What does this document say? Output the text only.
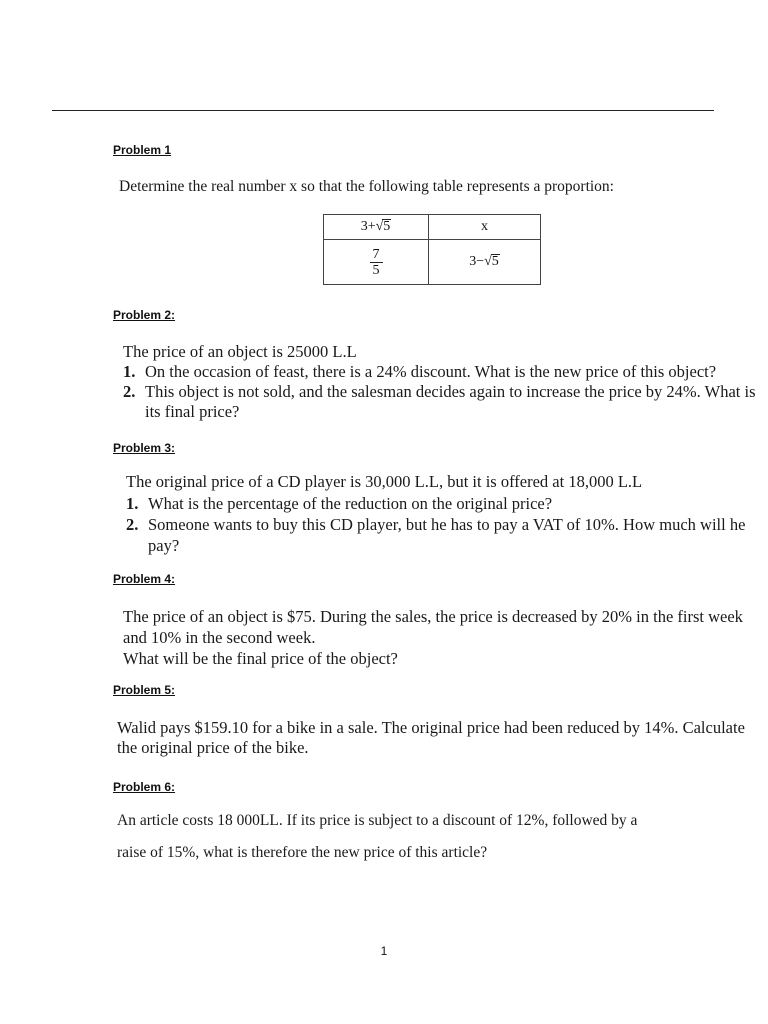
Problem 1
Determine the real number x so that the following table represents a proportion:
3+√5	x

$\frac{7}{5}$	3−√5
Problem 2:
The price of an object is 25000 L.L
1. On the occasion of feast, there is a 24% discount. What is the new price of this object?
2. This object is not sold, and the salesman decides again to increase the price by 24%. What is
its final price?
Problem 3:
The original price of a CD player is 30,000 L.L, but it is offered at 18,000 L.L
1. What is the percentage of the reduction on the original price?
2. Someone wants to buy this CD player, but he has to pay a VAT of 10%. How much will he
pay?
Problem 4:
The price of an object is $75. During the sales, the price is decreased by 20% in the first week
and 10% in the second week.
What will be the final price of the object?
Problem 5:
Walid pays $159.10 for a bike in a sale. The original price had been reduced by 14%. Calculate
the original price of the bike.
Problem 6:
An article costs 18 000LL. If its price is subject to a discount of 12%, followed by a
raise of 15%, what is therefore the new price of this article?
1
